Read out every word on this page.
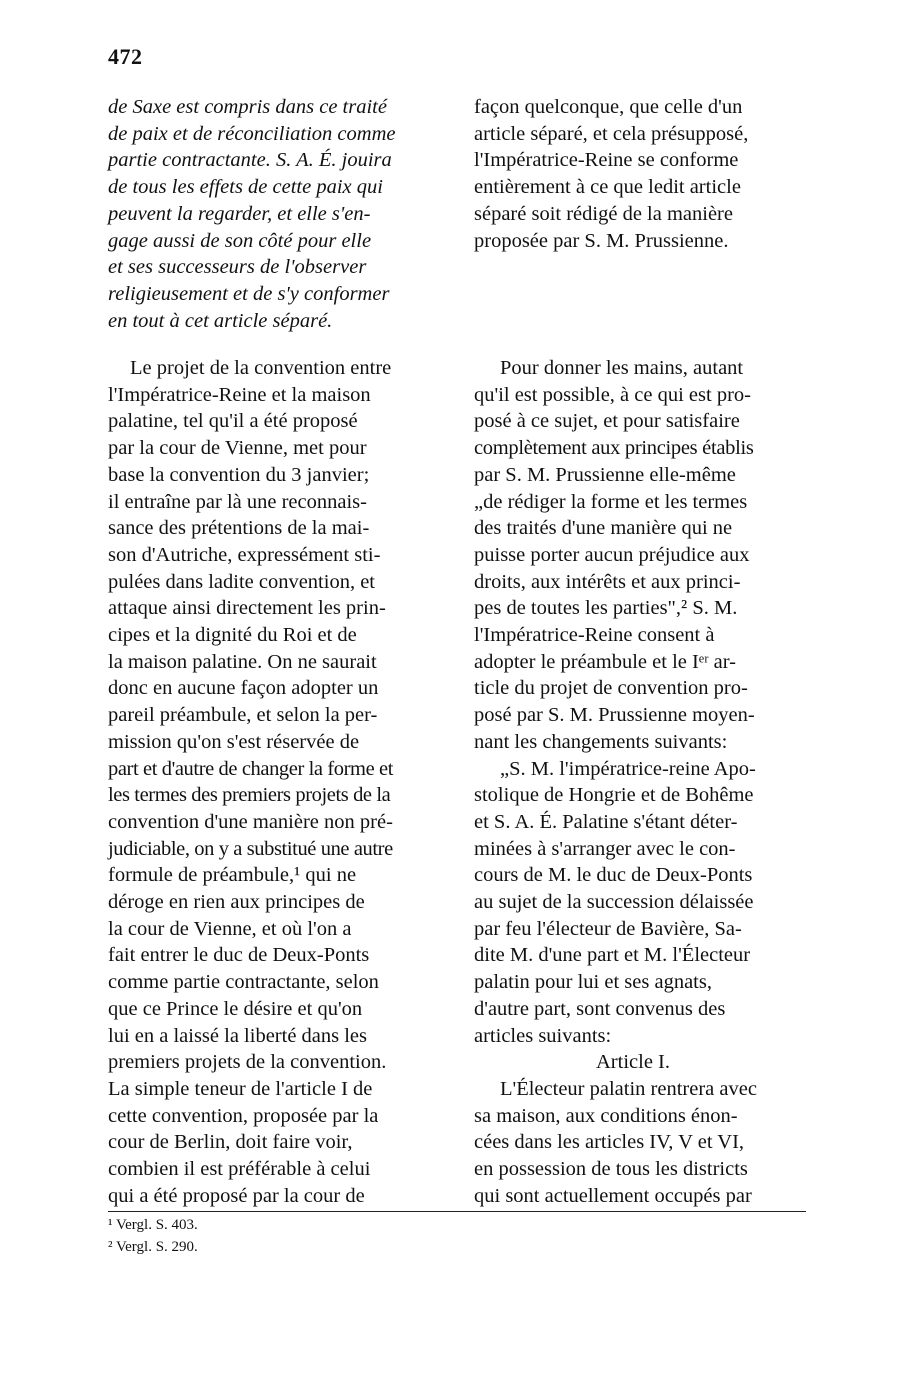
472
de Saxe est compris dans ce traité
de paix et de réconciliation comme
partie contractante. S. A. É. jouira
de tous les effets de cette paix qui
peuvent la regarder, et elle s'en-
gage aussi de son côté pour elle
et ses successeurs de l'observer
religieusement et de s'y conformer
en tout à cet article séparé.
façon quelconque, que celle d'un
article séparé, et cela présupposé,
l'Impératrice-Reine se conforme
entièrement à ce que ledit article
séparé soit rédigé de la manière
proposée par S. M. Prussienne.
Le projet de la convention entre
l'Impératrice-Reine et la maison
palatine, tel qu'il a été proposé
par la cour de Vienne, met pour
base la convention du 3 janvier;
il entraîne par là une reconnais-
sance des prétentions de la mai-
son d'Autriche, expressément sti-
pulées dans ladite convention, et
attaque ainsi directement les prin-
cipes et la dignité du Roi et de
la maison palatine. On ne saurait
donc en aucune façon adopter un
pareil préambule, et selon la per-
mission qu'on s'est réservée de
part et d'autre de changer la forme et
les termes des premiers projets de la
convention d'une manière non pré-
judiciable, on y a substitué une autre
formule de préambule,¹ qui ne
déroge en rien aux principes de
la cour de Vienne, et où l'on a
fait entrer le duc de Deux-Ponts
comme partie contractante, selon
que ce Prince le désire et qu'on
lui en a laissé la liberté dans les
premiers projets de la convention.
La simple teneur de l'article I de
cette convention, proposée par la
cour de Berlin, doit faire voir,
combien il est préférable à celui
qui a été proposé par la cour de
Pour donner les mains, autant
qu'il est possible, à ce qui est pro-
posé à ce sujet, et pour satisfaire
complètement aux principes établis
par S. M. Prussienne elle-même
„de rédiger la forme et les termes
des traités d'une manière qui ne
puisse porter aucun préjudice aux
droits, aux intérêts et aux princi-
pes de toutes les parties",² S. M.
l'Impératrice-Reine consent à
adopter le préambule et le Iᵉʳ ar-
ticle du projet de convention pro-
posé par S. M. Prussienne moyen-
nant les changements suivants:
„S. M. l'impératrice-reine Apo-
stolique de Hongrie et de Bohême
et S. A. É. Palatine s'étant déter-
minées à s'arranger avec le con-
cours de M. le duc de Deux-Ponts
au sujet de la succession délaissée
par feu l'électeur de Bavière, Sa-
dite M. d'une part et M. l'Électeur
palatin pour lui et ses agnats,
d'autre part, sont convenus des
articles suivants:
Article I.
L'Électeur palatin rentrera avec
sa maison, aux conditions énon-
cées dans les articles IV, V et VI,
en possession de tous les districts
qui sont actuellement occupés par
¹ Vergl. S. 403.
² Vergl. S. 290.
